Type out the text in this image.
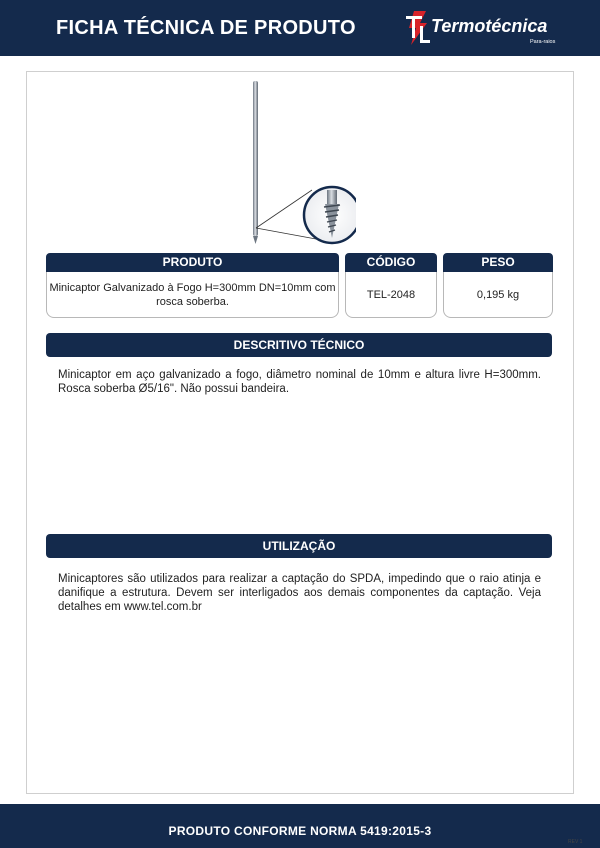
FICHA TÉCNICA DE PRODUTO	Termotécnica
Para-raios
PRODUTO	CÓDIGO	PESO
Minicaptor Galvanizado à Fogo H=300mm DN=10mm com rosca soberba.
TEL-2048	0,195 kg
DESCRITIVO TÉCNICO
Minicaptor em aço galvanizado a fogo, diâmetro nominal de 10mm e altura livre H=300mm. Rosca soberba Ø5/16". Não possui bandeira.
UTILIZAÇÃO
Minicaptores são utilizados para realizar a captação do SPDA, impedindo que o raio atinja e danifique a estrutura. Devem ser interligados aos demais componentes da captação. Veja detalhes em www.tel.com.br
PRODUTO CONFORME NORMA 5419:2015-3
REV 1
